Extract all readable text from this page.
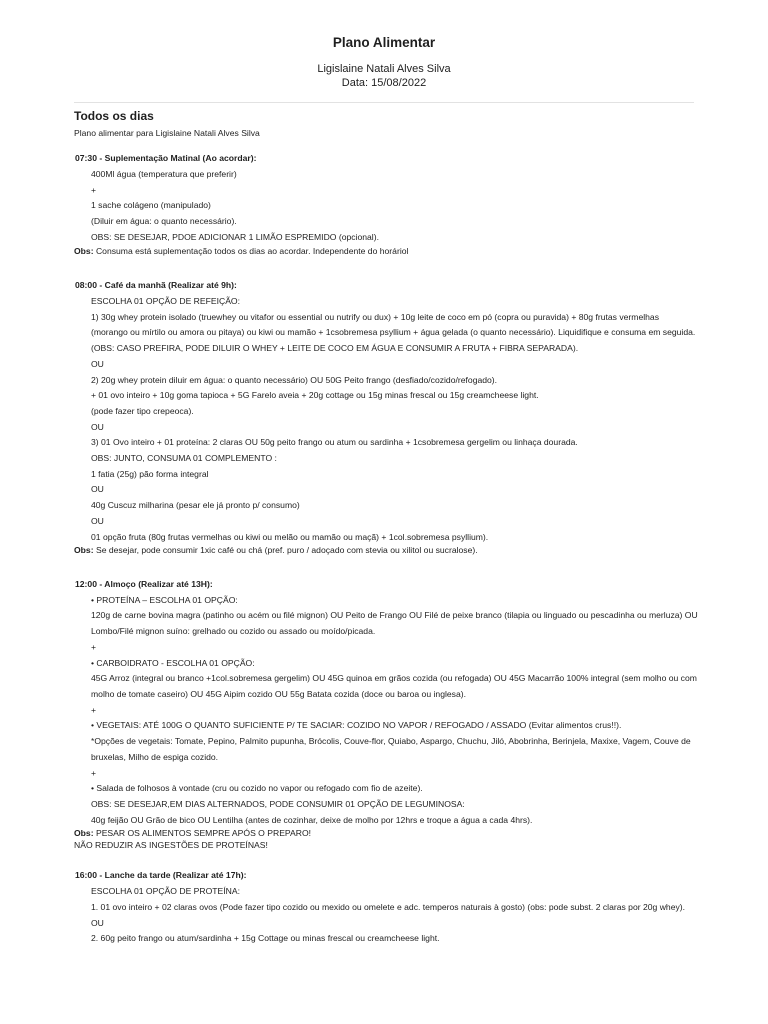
Plano Alimentar

Ligislaine Natali Alves Silva

Data: 15/08/2022

Todos os dias

Plano alimentar para Ligislaine Natali Alves Silva

07:30 - Suplementação Matinal (Ao acordar):

400Ml água (temperatura que preferir)

+

1 sache colágeno (manipulado)

(Diluir em água: o quanto necessário).

OBS: SE DESEJAR, PDOE ADICIONAR 1 LIMÃO ESPREMIDO (opcional).

Obs: Consuma está suplementação todos os dias ao acordar. Independente do horáriol

08:00 - Café da manhã (Realizar até 9h):

ESCOLHA 01 OPÇÃO DE REFEIÇÃO:

1) 30g whey protein isolado (truewhey ou vitafor ou essential ou nutrify ou dux) + 10g leite de coco em pó (copra ou puravida) + 80g frutas vermelhas (morango ou mírtilo ou amora ou pitaya) ou kiwi ou mamão + 1csobremesa psyllium + água gelada (o quanto necessário). Liquidifique e consuma em seguida.

(OBS: CASO PREFIRA, PODE DILUIR O WHEY + LEITE DE COCO EM ÁGUA E CONSUMIR A FRUTA + FIBRA SEPARADA).

OU

2) 20g whey protein diluir em água: o quanto necessário) OU 50G Peito frango (desfiado/cozido/refogado).

+ 01 ovo inteiro + 10g goma tapioca + 5G Farelo aveia + 20g cottage ou 15g minas frescal ou 15g creamcheese light.

(pode fazer tipo crepeoca).

OU

3) 01 Ovo inteiro + 01 proteína: 2 claras OU 50g peito frango ou atum ou sardinha + 1csobremesa gergelim ou linhaça dourada.

OBS: JUNTO, CONSUMA 01 COMPLEMENTO :

1 fatia (25g) pão forma integral

OU

40g Cuscuz milharina (pesar ele já pronto p/ consumo)

OU

01 opção fruta (80g frutas vermelhas ou kiwi ou melão ou mamão ou maçã) + 1col.sobremesa psyllium).

Obs: Se desejar, pode consumir 1xic café ou chá (pref. puro / adoçado com stevia ou xilitol ou sucralose).

12:00 - Almoço (Realizar até 13H):

• PROTEÍNA – ESCOLHA 01 OPÇÃO:

120g de carne bovina magra (patinho ou acém ou filé mignon) OU Peito de Frango OU Filé de peixe branco (tilapia ou linguado ou pescadinha ou merluza) OU Lombo/Filé mignon suíno: grelhado ou cozido ou assado ou moído/picada.

+

• CARBOIDRATO - ESCOLHA 01 OPÇÃO:

45G Arroz (integral ou branco +1col.sobremesa gergelim) OU 45G quinoa em grãos cozida (ou refogada) OU 45G Macarrão 100% integral (sem molho ou com molho de tomate caseiro) OU 45G Aipim cozido OU 55g Batata cozida (doce ou baroa ou inglesa).

+

• VEGETAIS: ATÉ 100G O QUANTO SUFICIENTE P/ TE SACIAR: COZIDO NO VAPOR / REFOGADO / ASSADO (Evitar alimentos crus!!).

*Opções de vegetais: Tomate, Pepino, Palmito pupunha, Brócolis, Couve-flor, Quiabo, Aspargo, Chuchu, Jiló, Abobrinha, Berinjela, Maxixe, Vagem, Couve de bruxelas, Milho de espiga cozido.

+

• Salada de folhosos à vontade (cru ou cozido no vapor ou refogado com fio de azeite).

OBS: SE DESEJAR,EM DIAS ALTERNADOS, PODE CONSUMIR 01 OPÇÃO DE LEGUMINOSA:

40g feijão OU Grão de bico OU Lentilha (antes de cozinhar, deixe de molho por 12hrs e troque a água a cada 4hrs).

Obs: PESAR OS ALIMENTOS SEMPRE APÓS O PREPARO!

NÃO REDUZIR AS INGESTÕES DE PROTEÍNAS!

16:00 - Lanche da tarde (Realizar até 17h):

ESCOLHA 01 OPÇÃO DE PROTEÍNA:

1. 01 ovo inteiro + 02 claras ovos (Pode fazer tipo cozido ou mexido ou omelete e adc. temperos naturais à gosto) (obs: pode subst. 2 claras por 20g whey).

OU

2. 60g peito frango ou atum/sardinha + 15g Cottage ou minas frescal ou creamcheese light.
